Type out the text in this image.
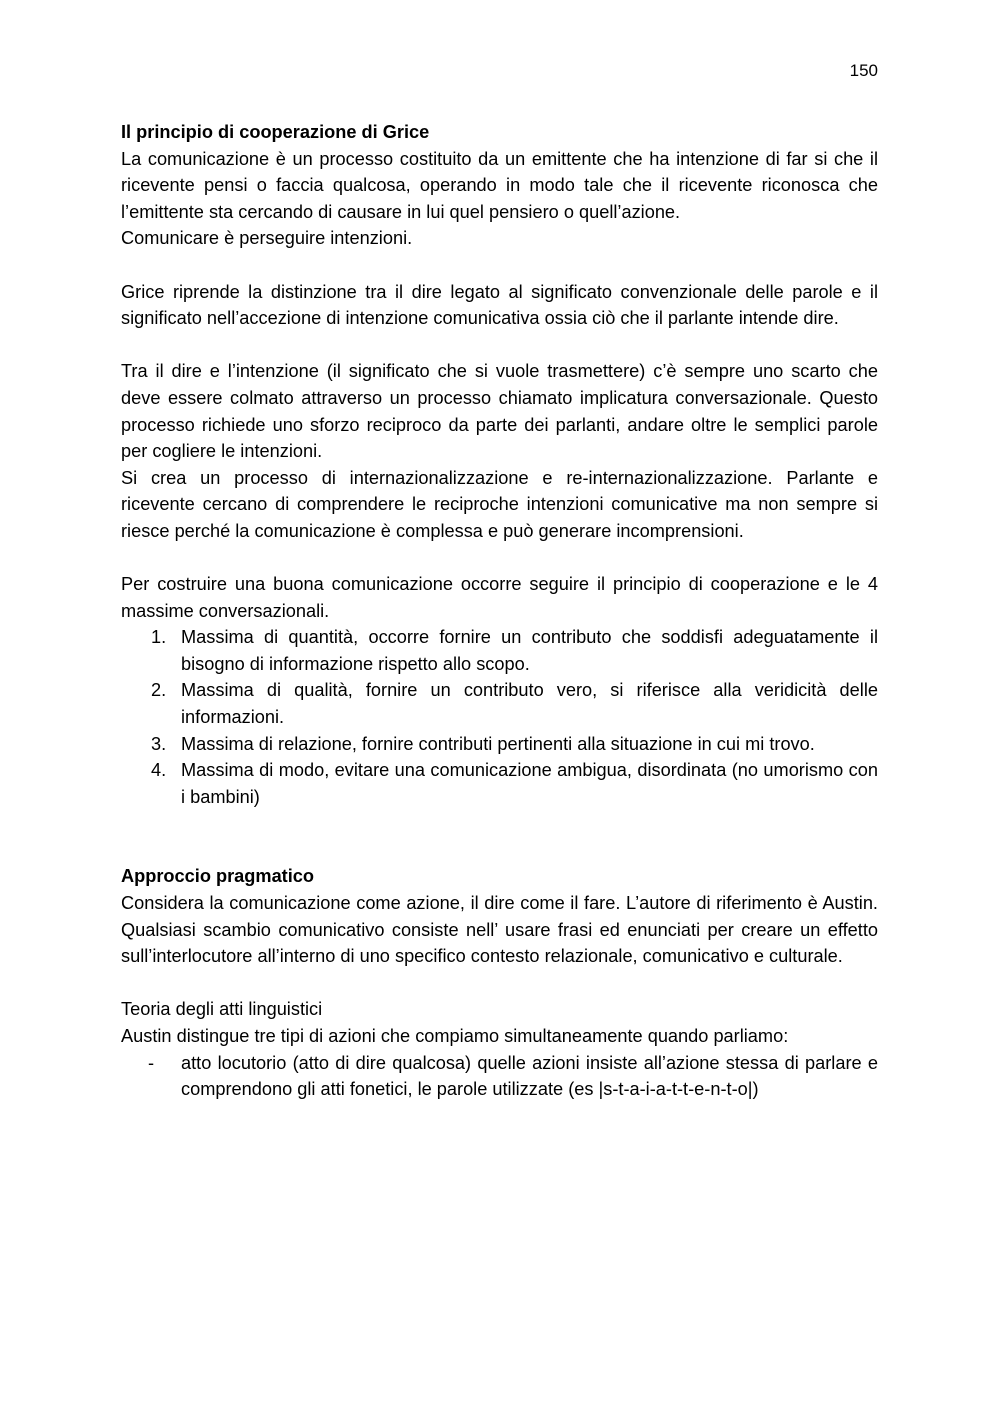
150

Il principio di cooperazione di Grice

La comunicazione è un processo costituito da un emittente che ha intenzione di far si che il ricevente pensi o faccia qualcosa, operando in modo tale che il ricevente riconosca che l’emittente sta cercando di causare in lui quel pensiero o quell’azione.

Comunicare è perseguire intenzioni.

Grice riprende la distinzione tra il dire legato al significato convenzionale delle parole e il significato nell’accezione di intenzione comunicativa ossia ciò che il parlante intende dire.

Tra il dire e l’intenzione (il significato che si vuole trasmettere) c’è sempre uno scarto che deve essere colmato attraverso un processo chiamato implicatura conversazionale. Questo processo richiede uno sforzo reciproco da parte dei parlanti, andare oltre le semplici parole per cogliere le intenzioni.

Si crea un processo di internazionalizzazione e re-internazionalizzazione. Parlante e ricevente cercano di comprendere le reciproche intenzioni comunicative ma non sempre si riesce perché la comunicazione è complessa e può generare incomprensioni.

Per costruire una buona comunicazione occorre seguire il principio di cooperazione e le 4 massime conversazionali.

1. Massima di quantità, occorre fornire un contributo che soddisfi adeguatamente il bisogno di informazione rispetto allo scopo.
2. Massima di qualità, fornire un contributo vero, si riferisce alla veridicità delle informazioni.
3. Massima di relazione, fornire contributi pertinenti alla situazione in cui mi trovo.
4. Massima di modo, evitare una comunicazione ambigua, disordinata (no umorismo con i bambini)

Approccio pragmatico

Considera la comunicazione come azione, il dire come il fare. L’autore di riferimento è Austin. Qualsiasi scambio comunicativo consiste nell’ usare frasi ed enunciati per creare un effetto sull’interlocutore all’interno di uno specifico contesto relazionale, comunicativo e culturale.

Teoria degli atti linguistici

Austin distingue tre tipi di azioni che compiamo simultaneamente quando parliamo:

- atto locutorio (atto di dire qualcosa) quelle azioni insiste all’azione stessa di parlare e comprendono gli atti fonetici, le parole utilizzate (es |s-t-a-i-a-t-t-e-n-t-o|)
